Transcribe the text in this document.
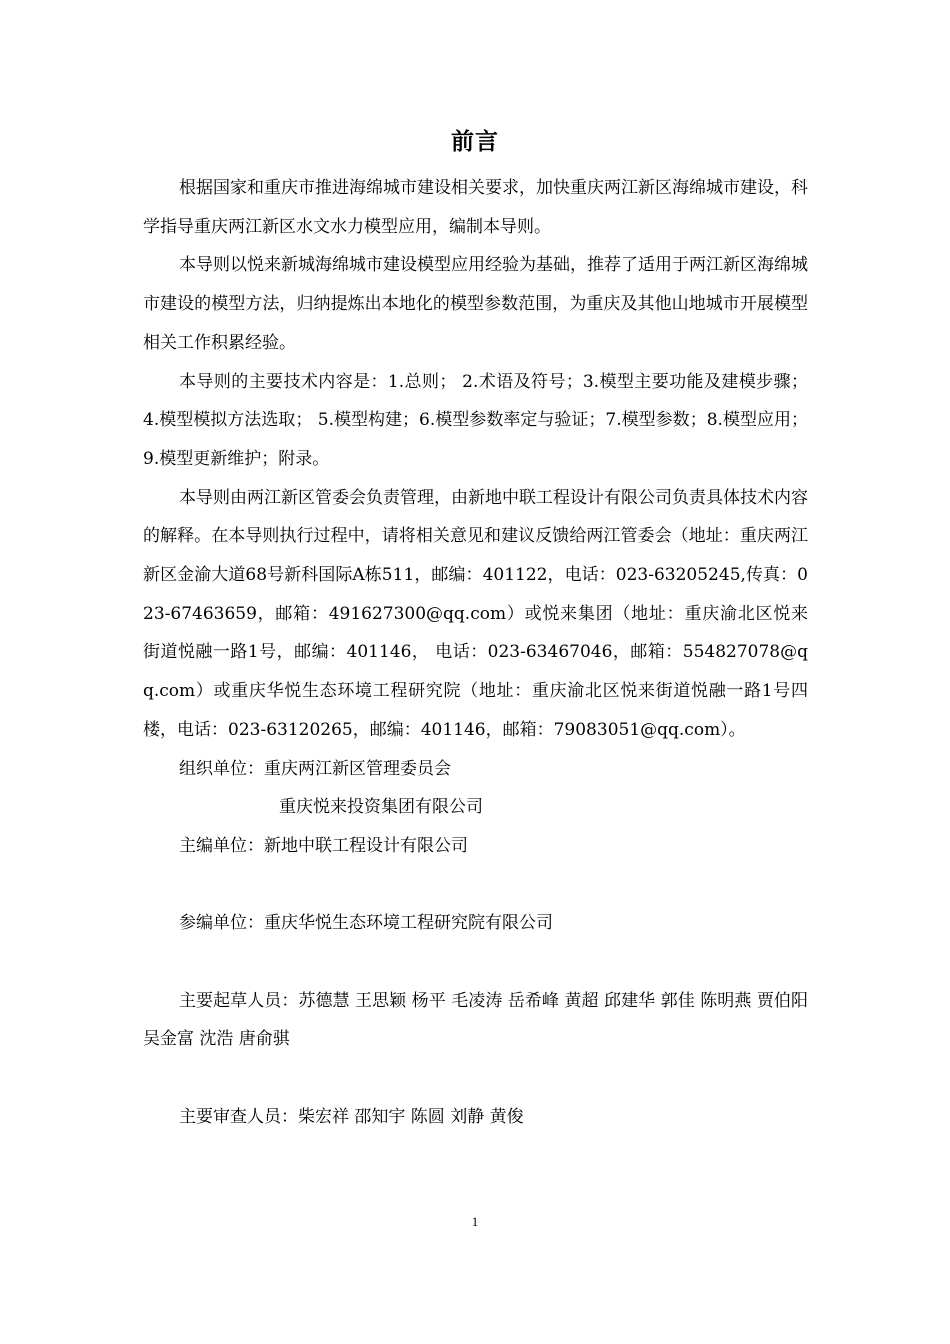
前言

根据国家和重庆市推进海绵城市建设相关要求，加快重庆两江新区海绵城市建设，科学指导重庆两江新区水文水力模型应用，编制本导则。

本导则以悦来新城海绵城市建设模型应用经验为基础，推荐了适用于两江新区海绵城市建设的模型方法，归纳提炼出本地化的模型参数范围，为重庆及其他山地城市开展模型相关工作积累经验。

本导则的主要技术内容是：1.总则； 2.术语及符号；3.模型主要功能及建模步骤；4.模型模拟方法选取； 5.模型构建；6.模型参数率定与验证；7.模型参数；8.模型应用；9.模型更新维护；附录。

本导则由两江新区管委会负责管理，由新地中联工程设计有限公司负责具体技术内容的解释。在本导则执行过程中，请将相关意见和建议反馈给两江管委会（地址：重庆两江新区金渝大道68号新科国际A栋511，邮编：401122，电话：023-63205245,传真：023-67463659，邮箱：491627300@qq.com）或悦来集团（地址：重庆渝北区悦来街道悦融一路1号，邮编：401146， 电话：023-63467046，邮箱：554827078@qq.com）或重庆华悦生态环境工程研究院（地址：重庆渝北区悦来街道悦融一路1号四楼，电话：023-63120265，邮编：401146，邮箱：79083051@qq.com）。

组织单位：重庆两江新区管理委员会

重庆悦来投资集团有限公司

主编单位：新地中联工程设计有限公司

参编单位：重庆华悦生态环境工程研究院有限公司

主要起草人员：苏德慧 王思颖 杨平 毛凌涛 岳希峰 黄超 邱建华 郭佳 陈明燕 贾伯阳 吴金富 沈浩 唐俞骐

主要审查人员：柴宏祥 邵知宇 陈圆 刘静 黄俊

1
